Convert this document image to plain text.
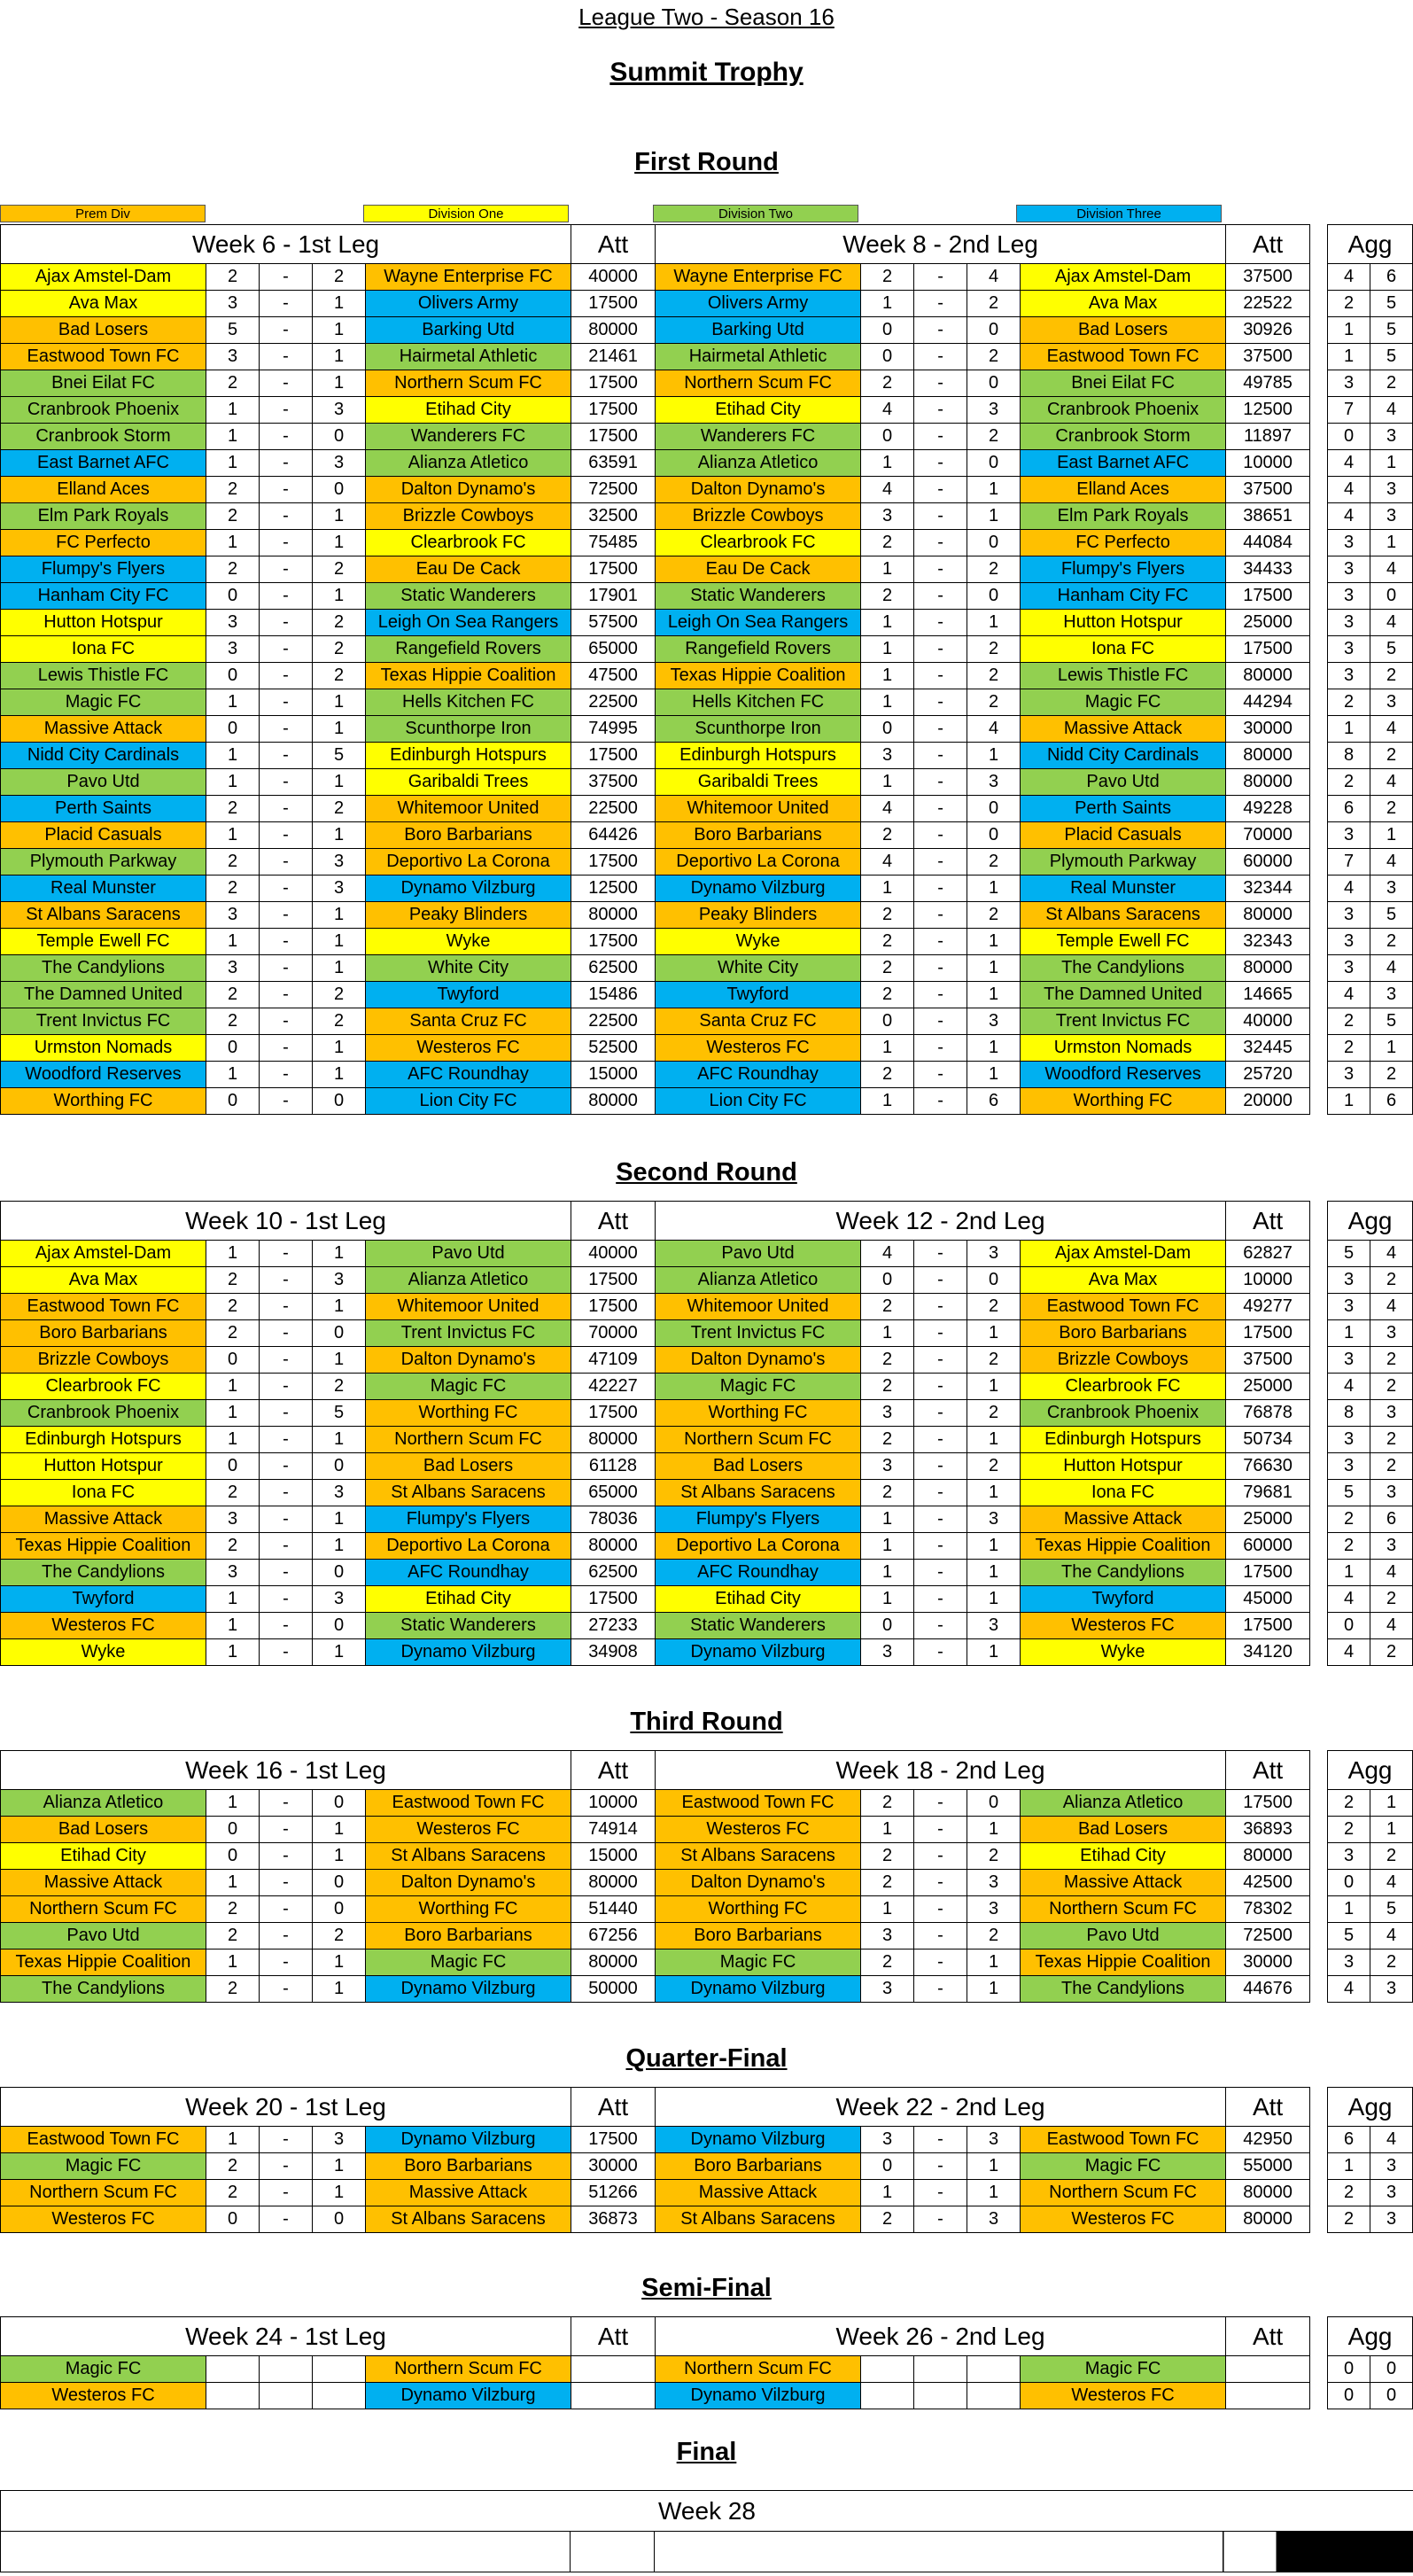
League Two - Season 16
Summit Trophy
Prem Div	Division One	Division Two	Division Three
First Round
Week 6 - 1st Leg					Att	Week 8 - 2nd Leg					Att		Agg	
Ajax Amstel-Dam	2	-	2	Wayne Enterprise FC	40000	Wayne Enterprise FC	2	-	4	Ajax Amstel-Dam	37500		4	6
Ava Max	3	-	1	Olivers Army	17500	Olivers Army	1	-	2	Ava Max	22522		2	5
Bad Losers	5	-	1	Barking Utd	80000	Barking Utd	0	-	0	Bad Losers	30926		1	5
Eastwood Town FC	3	-	1	Hairmetal Athletic	21461	Hairmetal Athletic	0	-	2	Eastwood Town FC	37500		1	5
Bnei Eilat FC	2	-	1	Northern Scum FC	17500	Northern Scum FC	2	-	0	Bnei Eilat FC	49785		3	2
Cranbrook Phoenix	1	-	3	Etihad City	17500	Etihad City	4	-	3	Cranbrook Phoenix	12500		7	4
Cranbrook Storm	1	-	0	Wanderers FC	17500	Wanderers FC	0	-	2	Cranbrook Storm	11897		0	3
East Barnet AFC	1	-	3	Alianza Atletico	63591	Alianza Atletico	1	-	0	East Barnet AFC	10000		4	1
Elland Aces	2	-	0	Dalton Dynamo's	72500	Dalton Dynamo's	4	-	1	Elland Aces	37500		4	3
Elm Park Royals	2	-	1	Brizzle Cowboys	32500	Brizzle Cowboys	3	-	1	Elm Park Royals	38651		4	3
FC Perfecto	1	-	1	Clearbrook FC	75485	Clearbrook FC	2	-	0	FC Perfecto	44084		3	1
Flumpy's Flyers	2	-	2	Eau De Cack	17500	Eau De Cack	1	-	2	Flumpy's Flyers	34433		3	4
Hanham City FC	0	-	1	Static Wanderers	17901	Static Wanderers	2	-	0	Hanham City FC	17500		3	0
Hutton Hotspur	3	-	2	Leigh On Sea Rangers	57500	Leigh On Sea Rangers	1	-	1	Hutton Hotspur	25000		3	4
Iona FC	3	-	2	Rangefield Rovers	65000	Rangefield Rovers	1	-	2	Iona FC	17500		3	5
Lewis Thistle FC	0	-	2	Texas Hippie Coalition	47500	Texas Hippie Coalition	1	-	2	Lewis Thistle FC	80000		3	2
Magic FC	1	-	1	Hells Kitchen FC	22500	Hells Kitchen FC	1	-	2	Magic FC	44294		2	3
Massive Attack	0	-	1	Scunthorpe Iron	74995	Scunthorpe Iron	0	-	4	Massive Attack	30000		1	4
Nidd City Cardinals	1	-	5	Edinburgh Hotspurs	17500	Edinburgh Hotspurs	3	-	1	Nidd City Cardinals	80000		8	2
Pavo Utd	1	-	1	Garibaldi Trees	37500	Garibaldi Trees	1	-	3	Pavo Utd	80000		2	4
Perth Saints	2	-	2	Whitemoor United	22500	Whitemoor United	4	-	0	Perth Saints	49228		6	2
Placid Casuals	1	-	1	Boro Barbarians	64426	Boro Barbarians	2	-	0	Placid Casuals	70000		3	1
Plymouth Parkway	2	-	3	Deportivo La Corona	17500	Deportivo La Corona	4	-	2	Plymouth Parkway	60000		7	4
Real Munster	2	-	3	Dynamo Vilzburg	12500	Dynamo Vilzburg	1	-	1	Real Munster	32344		4	3
St Albans Saracens	3	-	1	Peaky Blinders	80000	Peaky Blinders	2	-	2	St Albans Saracens	80000		3	5
Temple Ewell FC	1	-	1	Wyke	17500	Wyke	2	-	1	Temple Ewell FC	32343		3	2
The Candylions	3	-	1	White City	62500	White City	2	-	1	The Candylions	80000		3	4
The Damned United	2	-	2	Twyford	15486	Twyford	2	-	1	The Damned United	14665		4	3
Trent Invictus FC	2	-	2	Santa Cruz FC	22500	Santa Cruz FC	0	-	3	Trent Invictus FC	40000		2	5
Urmston Nomads	0	-	1	Westeros FC	52500	Westeros FC	1	-	1	Urmston Nomads	32445		2	1
Woodford Reserves	1	-	1	AFC Roundhay	15000	AFC Roundhay	2	-	1	Woodford Reserves	25720		3	2
Worthing FC	0	-	0	Lion City FC	80000	Lion City FC	1	-	6	Worthing FC	20000		1	6
Second Round
Week 10 - 1st Leg					Att	Week 12 - 2nd Leg					Att		Agg	
Ajax Amstel-Dam	1	-	1	Pavo Utd	40000	Pavo Utd	4	-	3	Ajax Amstel-Dam	62827		5	4
Ava Max	2	-	3	Alianza Atletico	17500	Alianza Atletico	0	-	0	Ava Max	10000		3	2
Eastwood Town FC	2	-	1	Whitemoor United	17500	Whitemoor United	2	-	2	Eastwood Town FC	49277		3	4
Boro Barbarians	2	-	0	Trent Invictus FC	70000	Trent Invictus FC	1	-	1	Boro Barbarians	17500		1	3
Brizzle Cowboys	0	-	1	Dalton Dynamo's	47109	Dalton Dynamo's	2	-	2	Brizzle Cowboys	37500		3	2
Clearbrook FC	1	-	2	Magic FC	42227	Magic FC	2	-	1	Clearbrook FC	25000		4	2
Cranbrook Phoenix	1	-	5	Worthing FC	17500	Worthing FC	3	-	2	Cranbrook Phoenix	76878		8	3
Edinburgh Hotspurs	1	-	1	Northern Scum FC	80000	Northern Scum FC	2	-	1	Edinburgh Hotspurs	50734		3	2
Hutton Hotspur	0	-	0	Bad Losers	61128	Bad Losers	3	-	2	Hutton Hotspur	76630		3	2
Iona FC	2	-	3	St Albans Saracens	65000	St Albans Saracens	2	-	1	Iona FC	79681		5	3
Massive Attack	3	-	1	Flumpy's Flyers	78036	Flumpy's Flyers	1	-	3	Massive Attack	25000		2	6
Texas Hippie Coalition	2	-	1	Deportivo La Corona	80000	Deportivo La Corona	1	-	1	Texas Hippie Coalition	60000		2	3
The Candylions	3	-	0	AFC Roundhay	62500	AFC Roundhay	1	-	1	The Candylions	17500		1	4
Twyford	1	-	3	Etihad City	17500	Etihad City	1	-	1	Twyford	45000		4	2
Westeros FC	1	-	0	Static Wanderers	27233	Static Wanderers	0	-	3	Westeros FC	17500		0	4
Wyke	1	-	1	Dynamo Vilzburg	34908	Dynamo Vilzburg	3	-	1	Wyke	34120		4	2
Third Round
Week 16 - 1st Leg					Att	Week 18 - 2nd Leg					Att		Agg	
Alianza Atletico	1	-	0	Eastwood Town FC	10000	Eastwood Town FC	2	-	0	Alianza Atletico	17500		2	1
Bad Losers	0	-	1	Westeros FC	74914	Westeros FC	1	-	1	Bad Losers	36893		2	1
Etihad City	0	-	1	St Albans Saracens	15000	St Albans Saracens	2	-	2	Etihad City	80000		3	2
Massive Attack	1	-	0	Dalton Dynamo's	80000	Dalton Dynamo's	2	-	3	Massive Attack	42500		0	4
Northern Scum FC	2	-	0	Worthing FC	51440	Worthing FC	1	-	3	Northern Scum FC	78302		1	5
Pavo Utd	2	-	2	Boro Barbarians	67256	Boro Barbarians	3	-	2	Pavo Utd	72500		5	4
Texas Hippie Coalition	1	-	1	Magic FC	80000	Magic FC	2	-	1	Texas Hippie Coalition	30000		3	2
The Candylions	2	-	1	Dynamo Vilzburg	50000	Dynamo Vilzburg	3	-	1	The Candylions	44676		4	3
Quarter-Final
Week 20 - 1st Leg					Att	Week 22 - 2nd Leg					Att		Agg	
Eastwood Town FC	1	-	3	Dynamo Vilzburg	17500	Dynamo Vilzburg	3	-	3	Eastwood Town FC	42950		6	4
Magic FC	2	-	1	Boro Barbarians	30000	Boro Barbarians	0	-	1	Magic FC	55000		1	3
Northern Scum FC	2	-	1	Massive Attack	51266	Massive Attack	1	-	1	Northern Scum FC	80000		2	3
Westeros FC	0	-	0	St Albans Saracens	36873	St Albans Saracens	2	-	3	Westeros FC	80000		2	3
Semi-Final
Week 24 - 1st Leg					Att	Week 26 - 2nd Leg					Att		Agg	
Magic FC				Northern Scum FC		Northern Scum FC				Magic FC			0	0
Westeros FC				Dynamo Vilzburg		Dynamo Vilzburg				Westeros FC			0	0
Final
Week 28
